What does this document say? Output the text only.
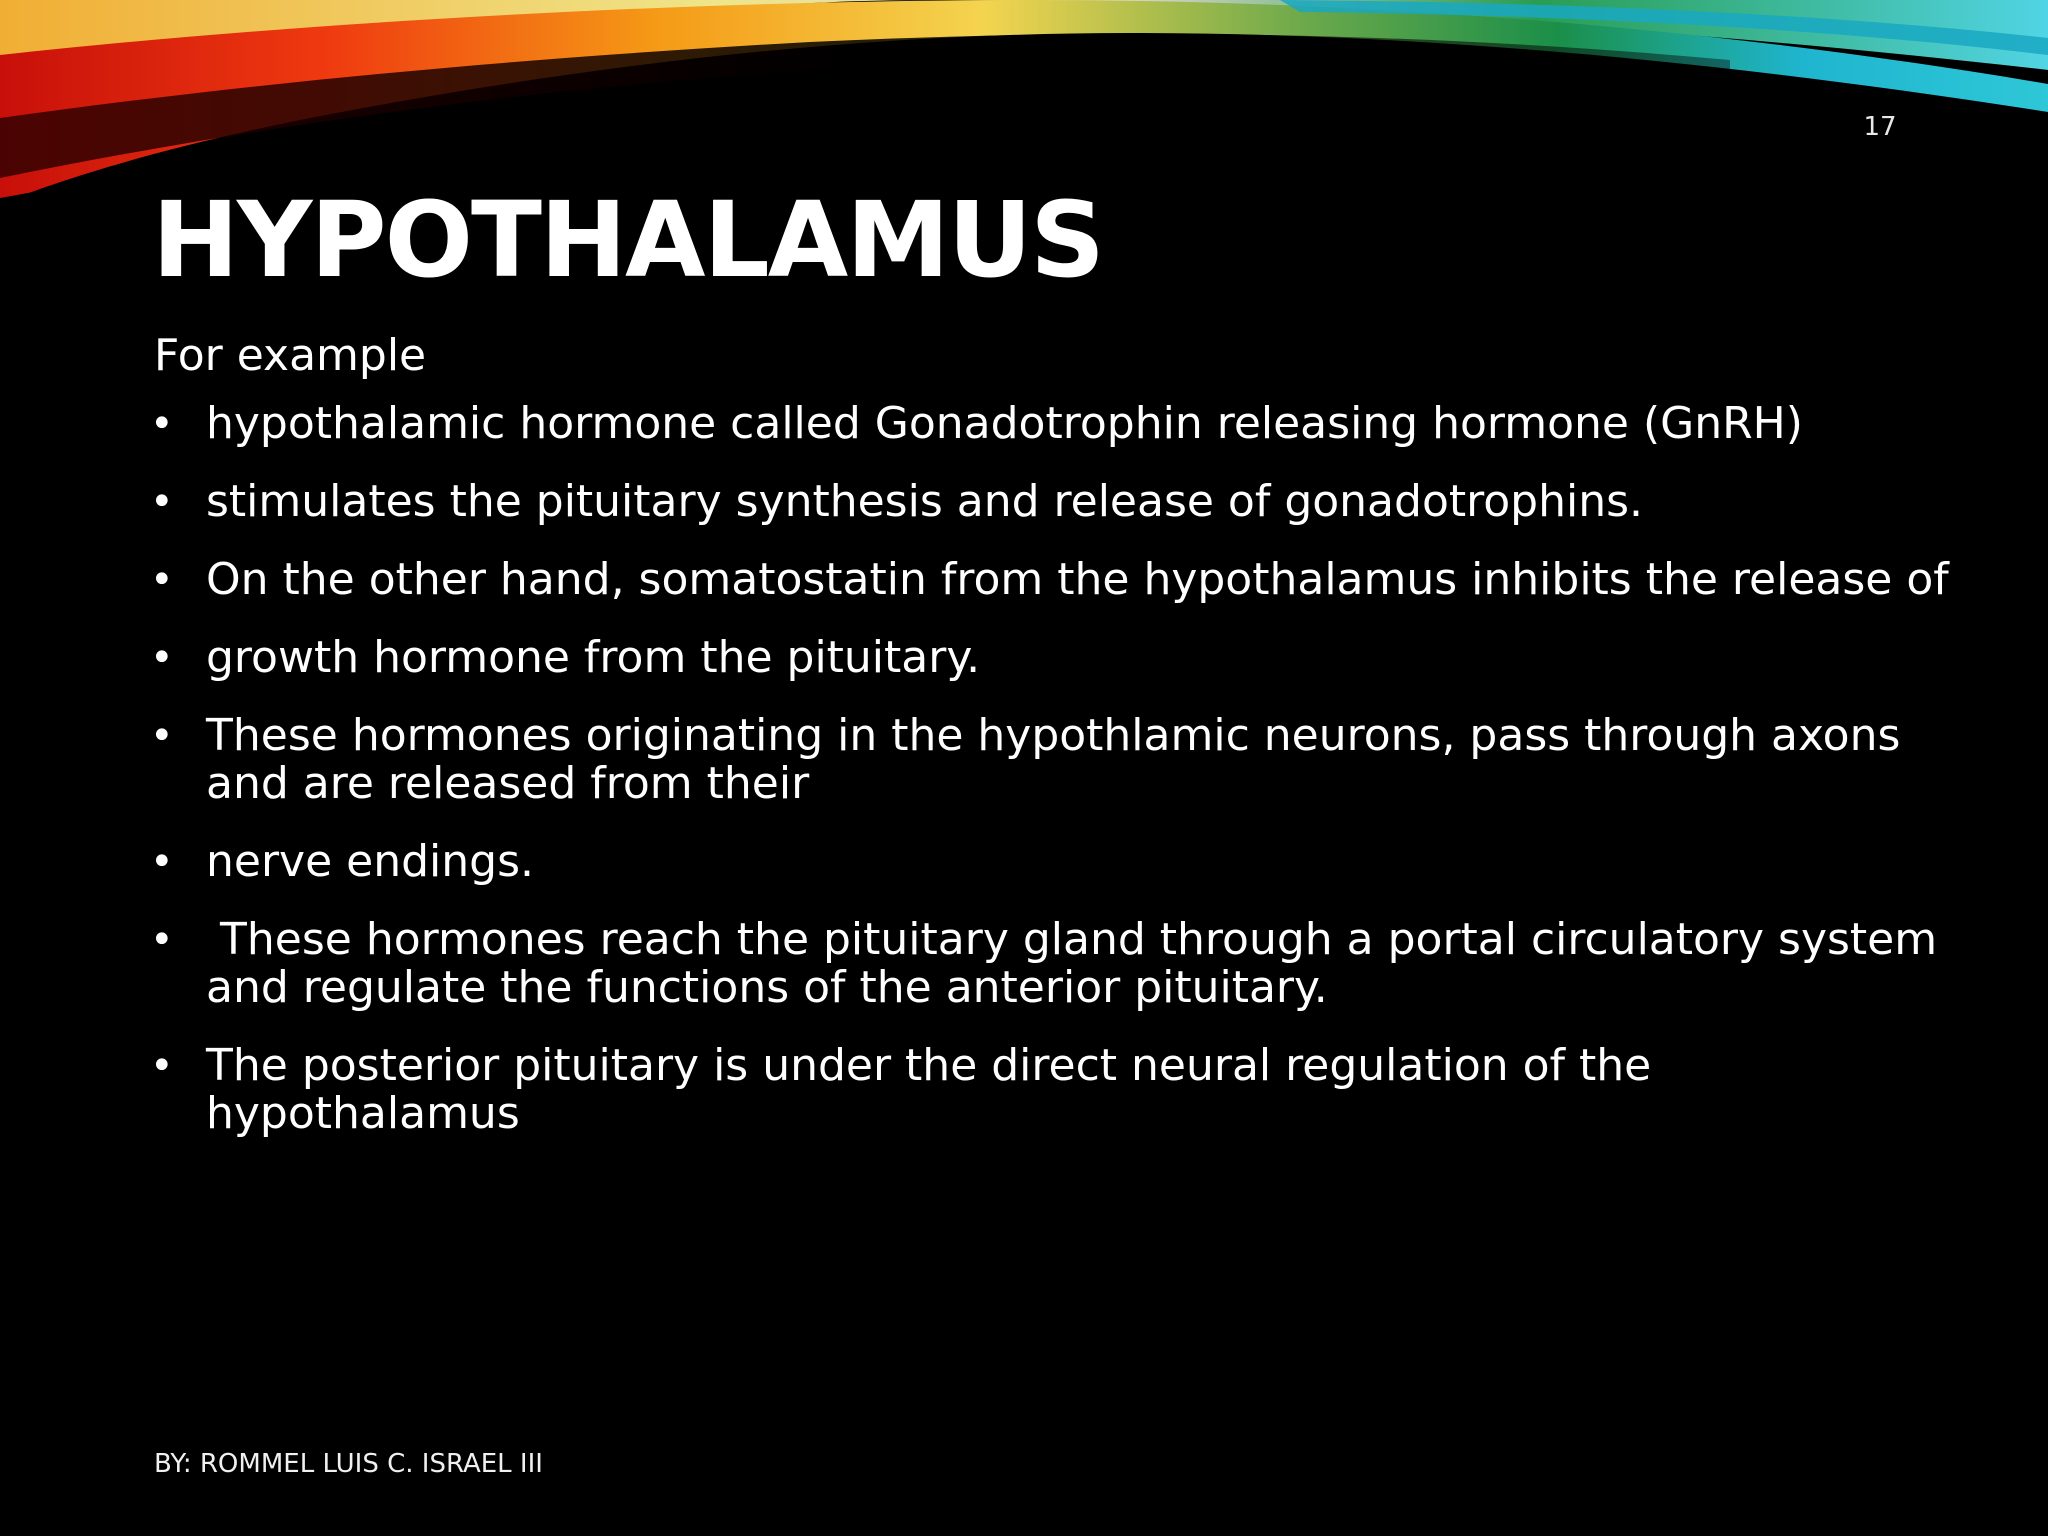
17
HYPOTHALAMUS
For example
• hypothalamic hormone called Gonadotrophin releasing hormone (GnRH)
• stimulates the pituitary synthesis and release of gonadotrophins.
• On the other hand, somatostatin from the hypothalamus inhibits the release of
• growth hormone from the pituitary.
• These hormones originating in the hypothlamic neurons, pass through axons and are released from their
• nerve endings.
• These hormones reach the pituitary gland through a portal circulatory system and regulate the functions of the anterior pituitary.
• The posterior pituitary is under the direct neural regulation of the hypothalamus
BY: ROMMEL LUIS C. ISRAEL III
